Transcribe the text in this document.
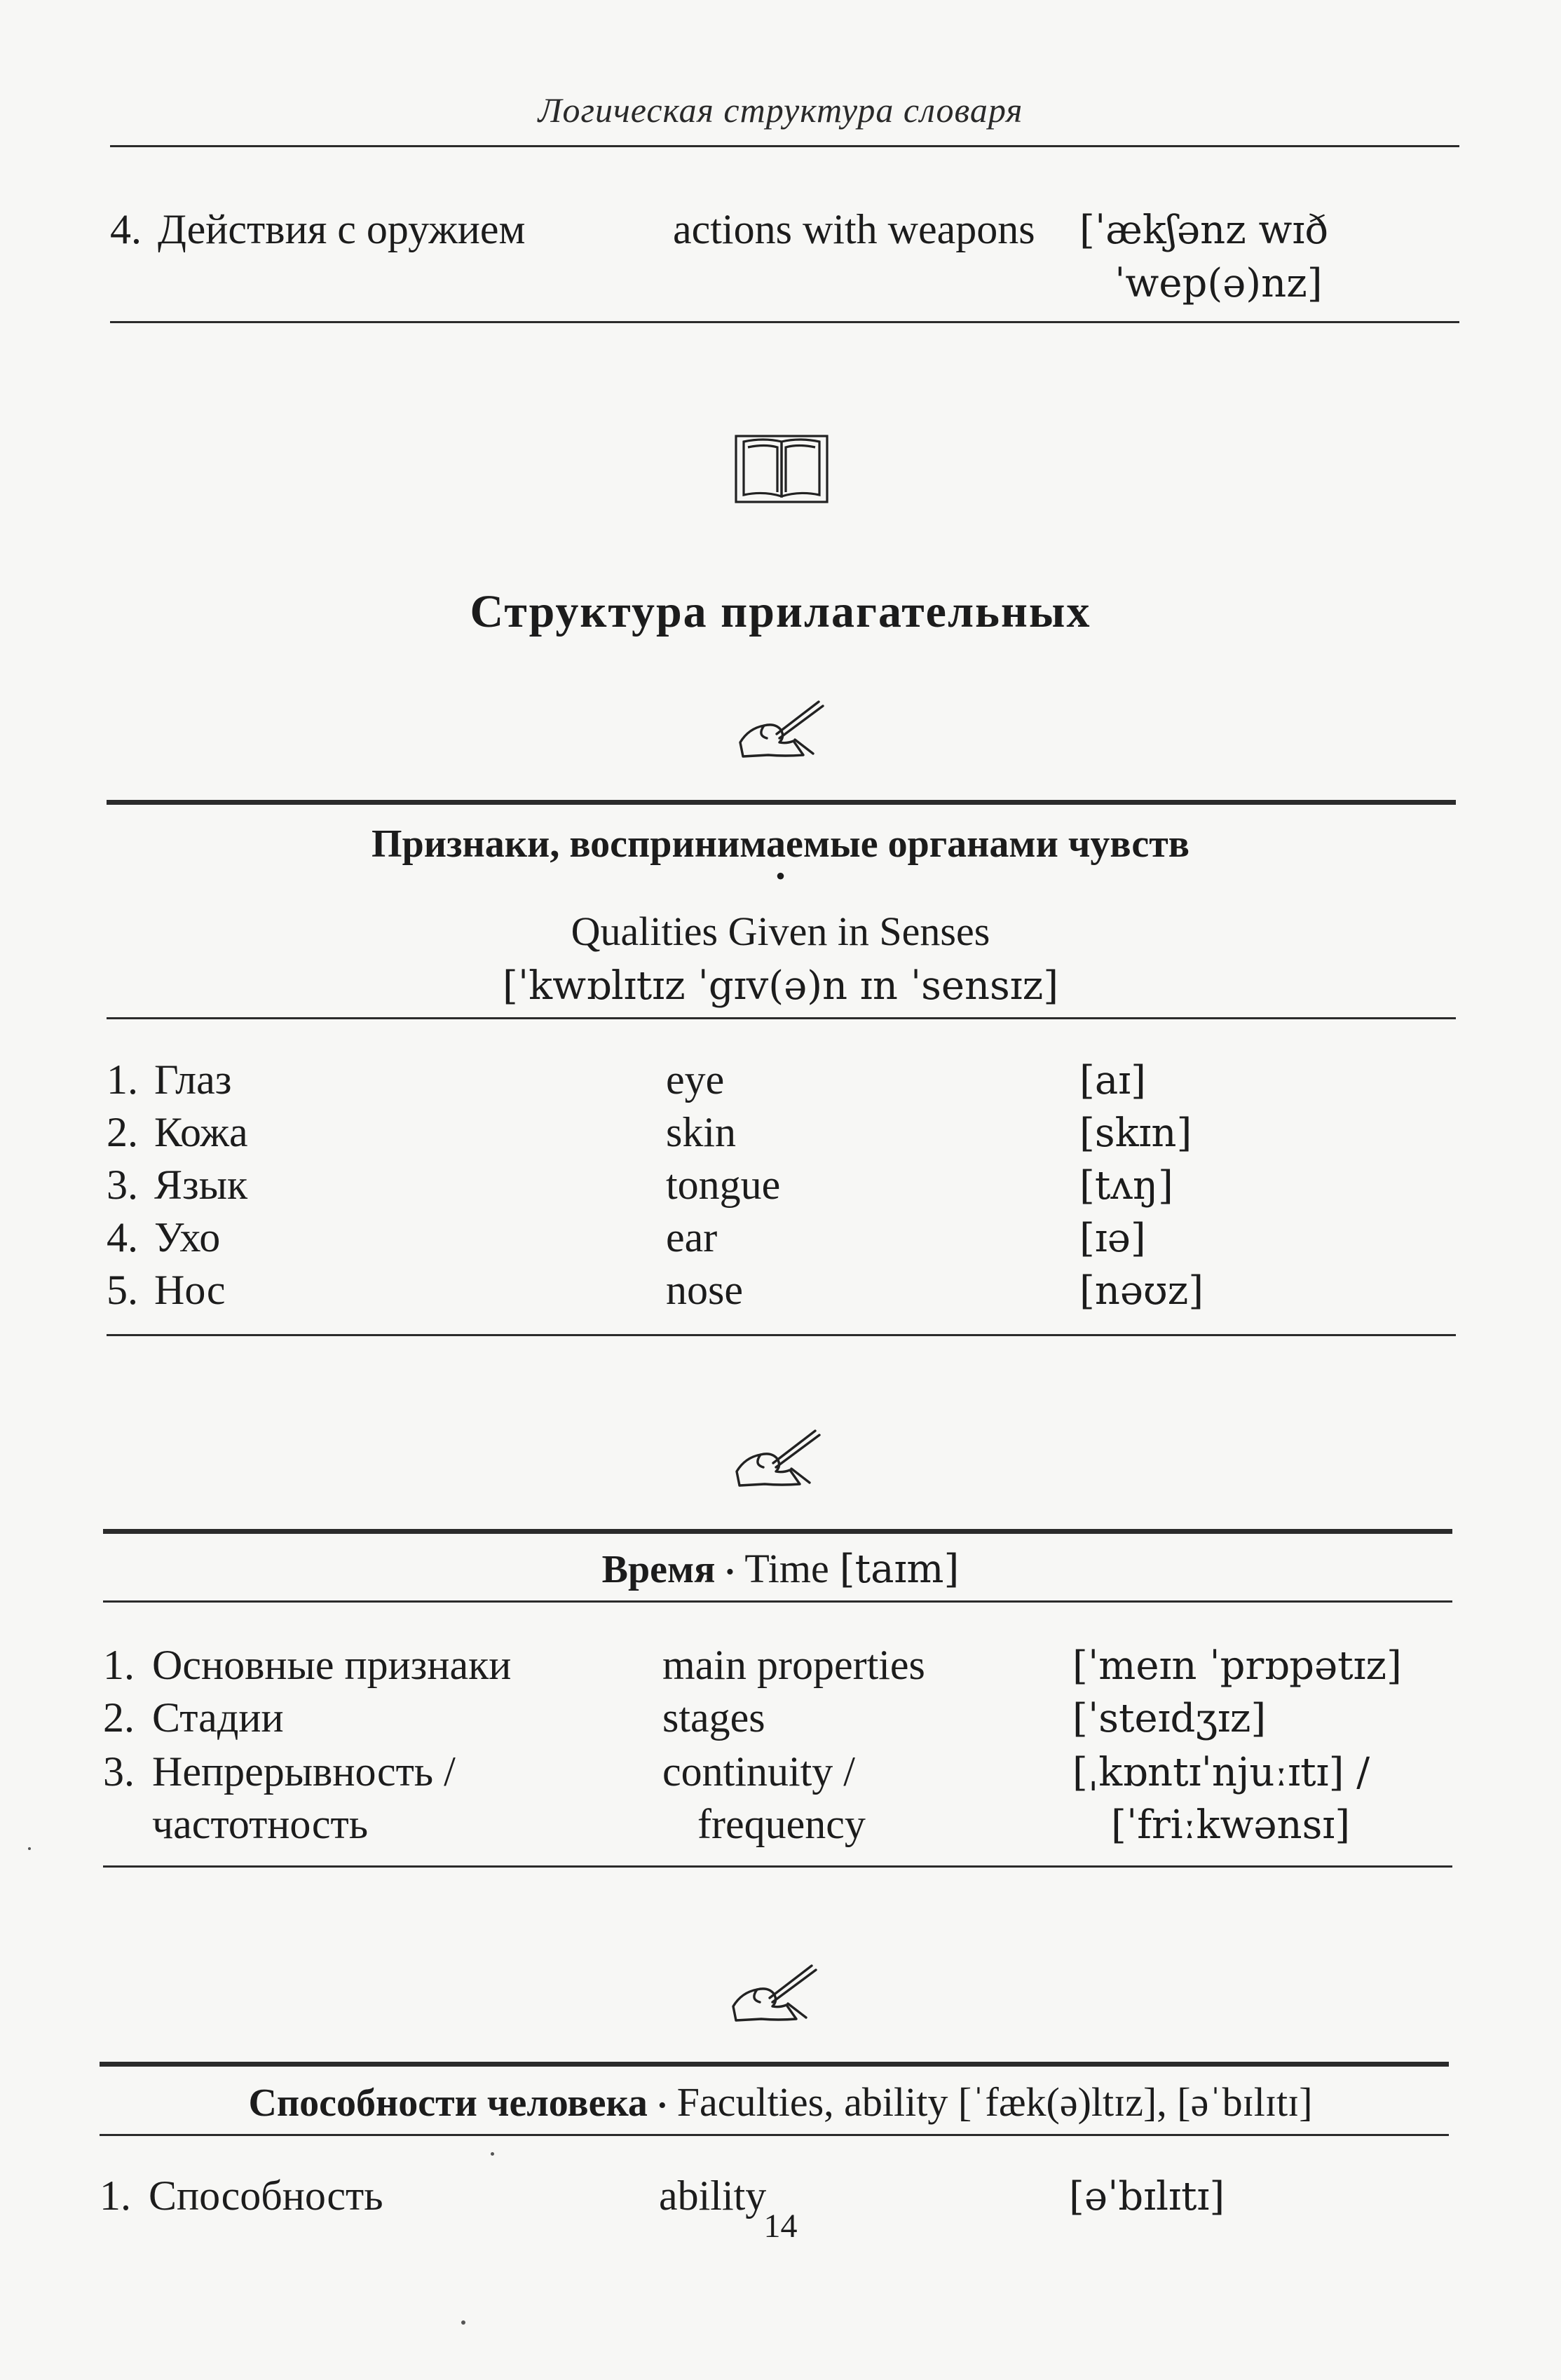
Логическая структура словаря
4. Действия с оружием	actions with weapons [ˈækʃənz wɪð
ˈwep(ə)nz]
Структура прилагательных
Признаки, воспринимаемые органами чувств
•
Qualities Given in Senses
[ˈkwɒlɪtɪz ˈgɪv(ə)n ɪn ˈsensɪz]
1. Глаз	eye	[aɪ]
2. Кожа	skin	[skɪn]
3. Язык	tongue	[tʌŋ]
4. Ухо	ear	[ɪə]
5. Нос	nose	[nəʊz]
Время • Time [taɪm]
1. Основные признаки	main properties	[ˈmeɪn ˈprɒpətɪz]
2. Стадии	stages	[ˈsteɪdʒɪz]
3. Непрерывность /	continuity /	[ˌkɒntɪˈnjuːɪtɪ] /
частотность	frequency	[ˈfriːkwənsɪ]
Способности человека • Faculties, ability [ˈfæk(ə)ltɪz], [əˈbɪlɪtɪ]
1. Способность	ability	[əˈbɪlɪtɪ]
14
